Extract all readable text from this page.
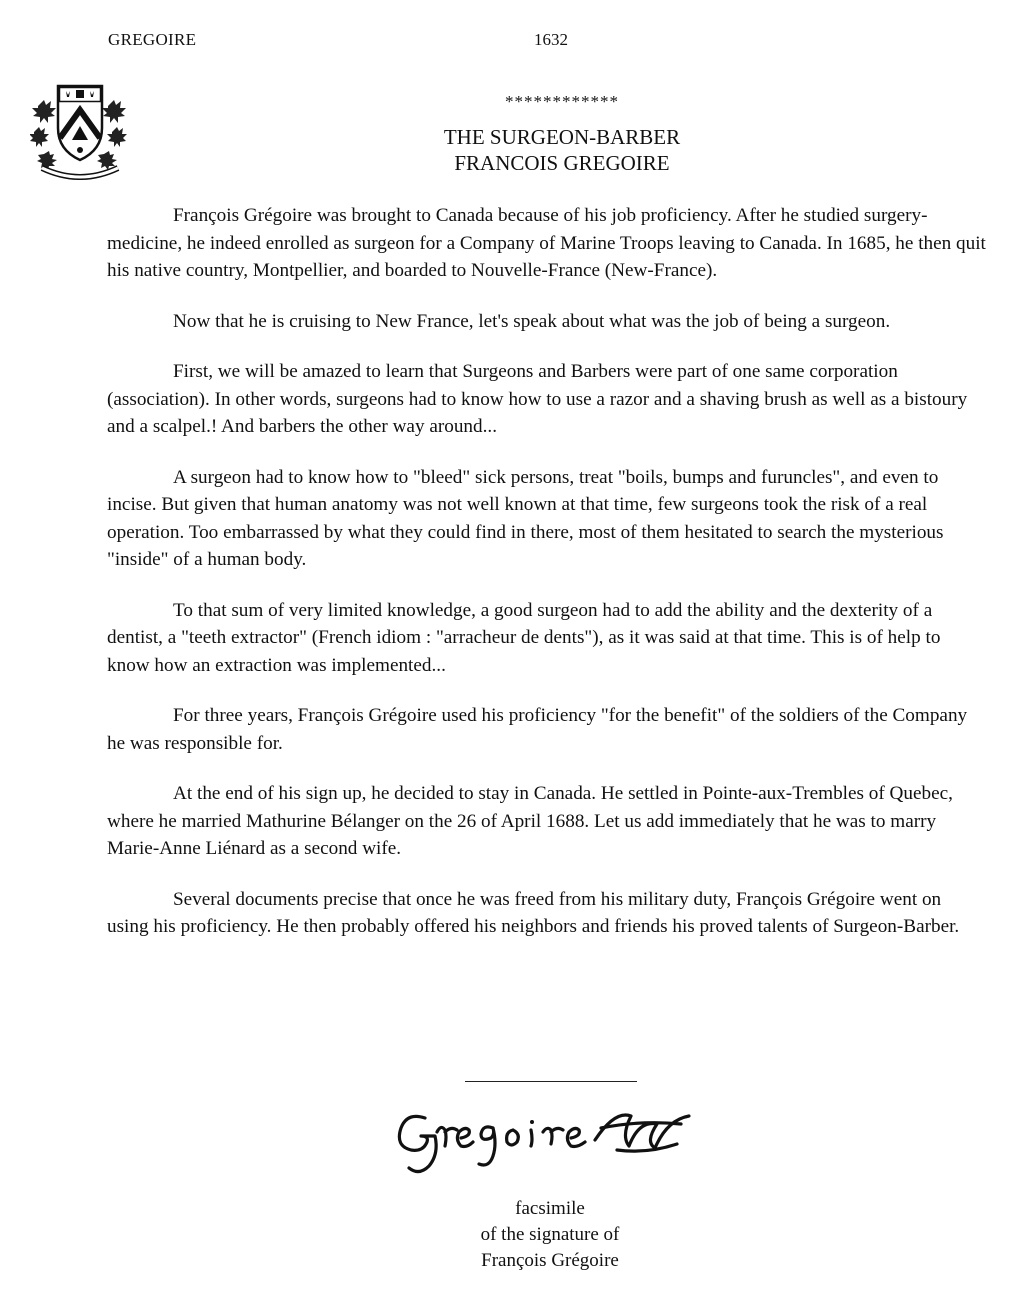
GREGOIRE	1632
************
THE SURGEON-BARBER
FRANCOIS GREGOIRE

François Grégoire was brought to Canada because of his job proficiency. After he studied surgery-medicine, he indeed enrolled as surgeon for a Company of Marine Troops leaving to Canada. In 1685, he then quit his native country, Montpellier, and boarded to Nouvelle-France (New-France).

Now that he is cruising to New France, let's speak about what was the job of being a surgeon.

First, we will be amazed to learn that Surgeons and Barbers were part of one same corporation (association). In other words, surgeons had to know how to use a razor and a shaving brush as well as a bistoury and a scalpel.! And barbers the other way around...

A surgeon had to know how to "bleed" sick persons, treat "boils, bumps and furuncles", and even to incise. But given that human anatomy was not well known at that time, few surgeons took the risk of a real operation. Too embarrassed by what they could find in there, most of them hesitated to search the mysterious "inside" of a human body.

To that sum of very limited knowledge, a good surgeon had to add the ability and the dexterity of a dentist, a "teeth extractor" (French idiom : "arracheur de dents"), as it was said at that time. This is of help to know how an extraction was implemented...

For three years, François Grégoire used his proficiency "for the benefit" of the soldiers of the Company he was responsible for.

At the end of his sign up, he decided to stay in Canada. He settled in Pointe-aux-Trembles of Quebec, where he married Mathurine Bélanger on the 26 of April 1688. Let us add immediately that he was to marry Marie-Anne Liénard as a second wife.

Several documents precise that once he was freed from his military duty, François Grégoire went on using his proficiency. He then probably offered his neighbors and friends his proved talents of Surgeon-Barber.

facsimile
of the signature of
François Grégoire
